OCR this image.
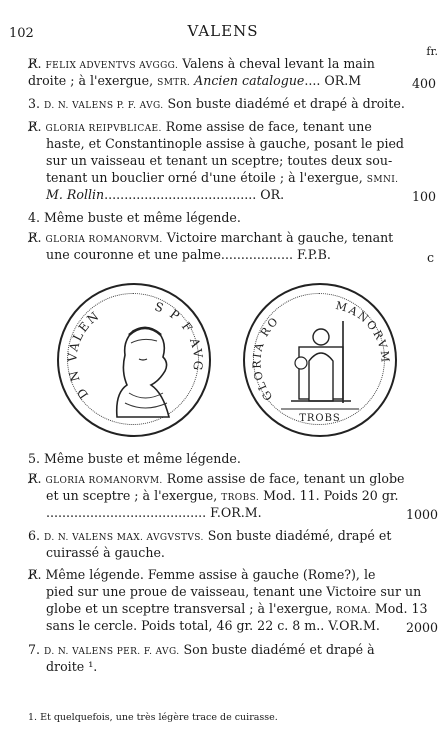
102	VALENS
fr.
R̸. FELIX ADVENTVS AVGGG. Valens à cheval levant la main
droite ; à l'exergue, SMTR. Ancien catalogue.... OR.M	400
3. D. N. VALENS P. F. AVG. Son buste diadémé et drapé à droite.
R̸. GLORIA REIPVBLICAE. Rome assise de face, tenant une
haste, et Constantinople assise à gauche, posant le pied
sur un vaisseau et tenant un sceptre; toutes deux sou-
tenant un bouclier orné d'une étoile ; à l'exergue, SMNI.
M. Rollin...................................... OR.	100
4. Même buste et même légende.
R̸. GLORIA ROMANORVM. Victoire marchant à gauche, tenant
une couronne et une palme.................. F.P.B.	c
D N VALEN
S P F AVG
TROBS
GLORIA RO
MANORVM
5. Même buste et même légende.
R̸. GLORIA ROMANORVM. Rome assise de face, tenant un globe
et un sceptre ; à l'exergue, TROBS. Mod. 11. Poids 20 gr.
........................................ F.OR.M.	1000
6. D. N. VALENS MAX. AVGVSTVS. Son buste diadémé, drapé et
cuirassé à gauche.
R̸. Même légende. Femme assise à gauche (Rome?), le
pied sur une proue de vaisseau, tenant une Victoire sur un
globe et un sceptre transversal ; à l'exergue, ROMA. Mod. 13
sans le cercle. Poids total, 46 gr. 22 c. 8 m.. V.OR.M. 2000
7. D. N. VALENS PER. F. AVG. Son buste diadémé et drapé à
droite ¹.
1. Et quelquefois, une très légère trace de cuirasse.
